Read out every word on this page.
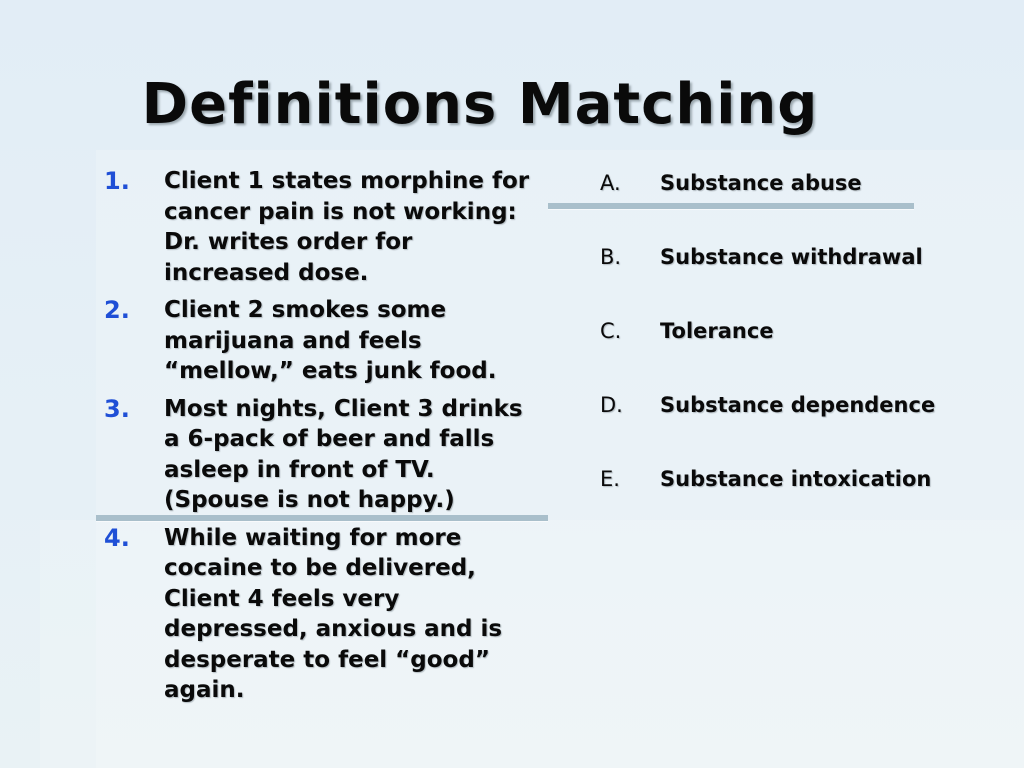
Definitions Matching
1.	Client 1 states morphine for cancer pain is not working: Dr. writes order for increased dose.
2.	Client 2 smokes some marijuana and feels “mellow,” eats junk food.
3.	Most nights, Client 3 drinks a 6-pack of beer and falls asleep in front of TV. (Spouse is not happy.)
4.	While waiting for more cocaine to be delivered, Client 4 feels very depressed, anxious and is desperate to feel “good” again.
A.	Substance abuse
B.	Substance withdrawal
C.	Tolerance
D.	Substance dependence
E.	Substance intoxication
